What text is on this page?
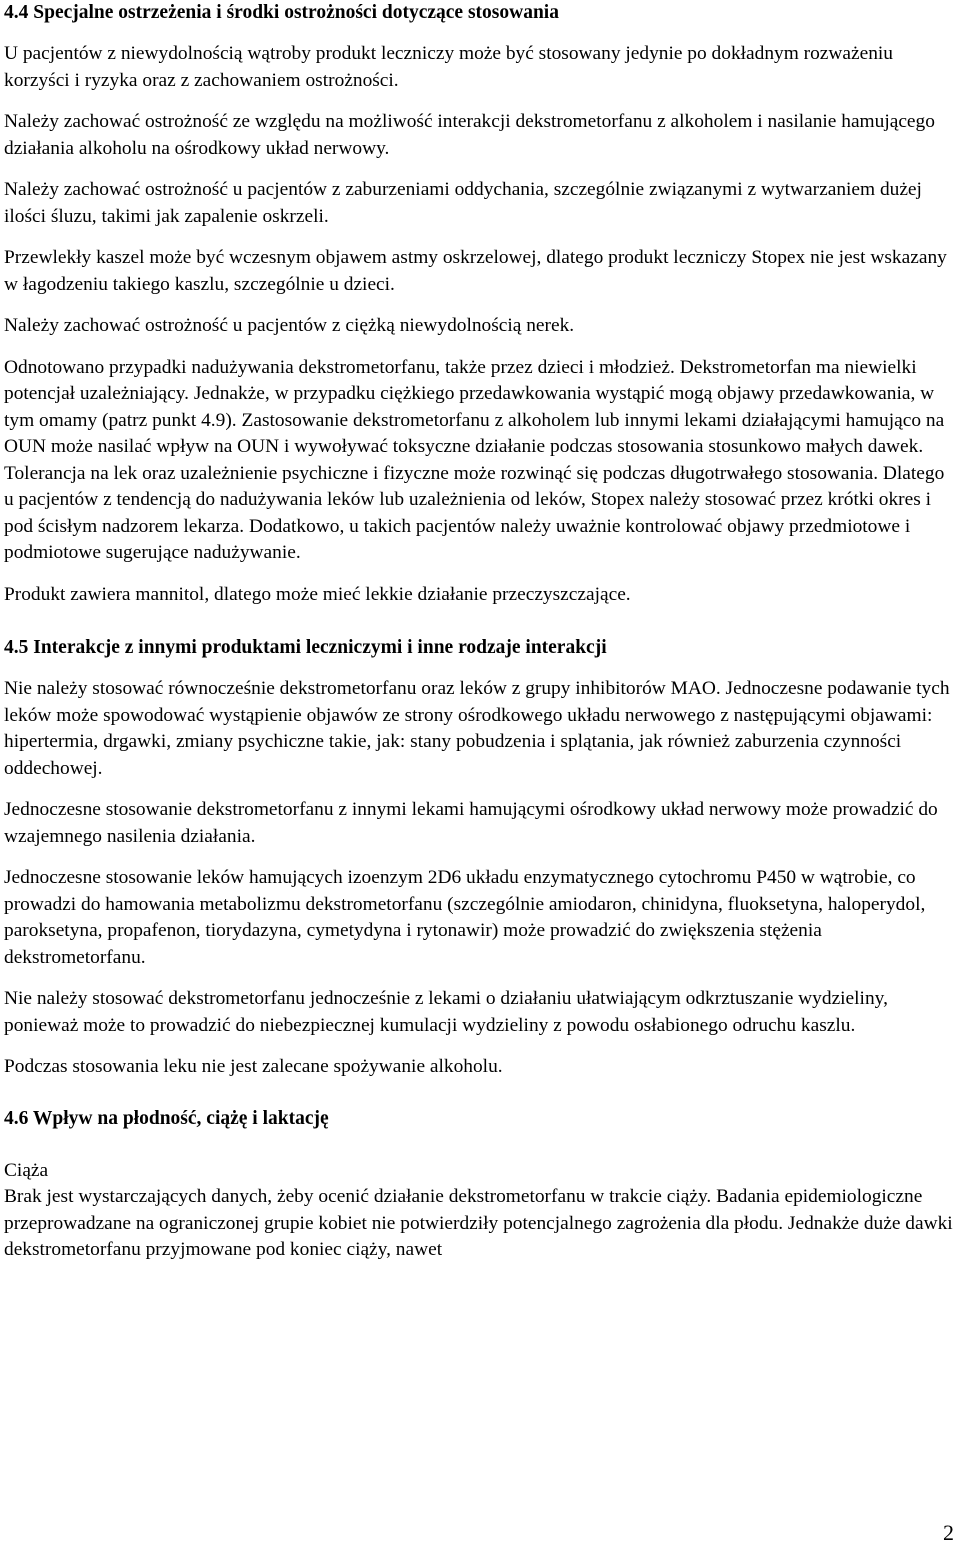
4.4 Specjalne ostrzeżenia i środki ostrożności dotyczące stosowania

U pacjentów z niewydolnością wątroby produkt leczniczy może być stosowany jedynie po dokładnym rozważeniu korzyści i ryzyka oraz z zachowaniem ostrożności.

Należy zachować ostrożność ze względu na możliwość interakcji dekstrometorfanu z alkoholem i nasilanie hamującego działania alkoholu na ośrodkowy układ nerwowy.

Należy zachować ostrożność u pacjentów z zaburzeniami oddychania, szczególnie związanymi z wytwarzaniem dużej ilości śluzu, takimi jak zapalenie oskrzeli.

Przewlekły kaszel może być wczesnym objawem astmy oskrzelowej, dlatego produkt leczniczy Stopex nie jest wskazany w łagodzeniu takiego kaszlu, szczególnie u dzieci.

Należy zachować ostrożność u pacjentów z ciężką niewydolnością nerek.

Odnotowano przypadki nadużywania dekstrometorfanu, także przez dzieci i młodzież. Dekstrometorfan ma niewielki potencjał uzależniający. Jednakże, w przypadku ciężkiego przedawkowania wystąpić mogą objawy przedawkowania, w tym omamy (patrz punkt 4.9). Zastosowanie dekstrometorfanu z alkoholem lub innymi lekami działającymi hamująco na OUN może nasilać wpływ na OUN i wywoływać toksyczne działanie podczas stosowania stosunkowo małych dawek. Tolerancja na lek oraz uzależnienie psychiczne i fizyczne może rozwinąć się podczas długotrwałego stosowania. Dlatego u pacjentów z tendencją do nadużywania leków lub uzależnienia od leków, Stopex należy stosować przez krótki okres i pod ścisłym nadzorem lekarza. Dodatkowo, u takich pacjentów należy uważnie kontrolować objawy przedmiotowe i podmiotowe sugerujące nadużywanie.

Produkt zawiera mannitol, dlatego może mieć lekkie działanie przeczyszczające.

4.5 Interakcje z innymi produktami leczniczymi i inne rodzaje interakcji

Nie należy stosować równocześnie dekstrometorfanu oraz leków z grupy inhibitorów MAO. Jednoczesne podawanie tych leków może spowodować wystąpienie objawów ze strony ośrodkowego układu nerwowego z następującymi objawami: hipertermia, drgawki, zmiany psychiczne takie, jak: stany pobudzenia i splątania, jak również zaburzenia czynności oddechowej.

Jednoczesne stosowanie dekstrometorfanu z innymi lekami hamującymi ośrodkowy układ nerwowy może prowadzić do wzajemnego nasilenia działania.

Jednoczesne stosowanie leków hamujących izoenzym 2D6 układu enzymatycznego cytochromu P450 w wątrobie, co prowadzi do hamowania metabolizmu dekstrometorfanu (szczególnie amiodaron, chinidyna, fluoksetyna, haloperydol, paroksetyna, propafenon, tiorydazyna, cymetydyna i rytonawir) może prowadzić do zwiększenia stężenia dekstrometorfanu.

Nie należy stosować dekstrometorfanu jednocześnie z lekami o działaniu ułatwiającym odkrztuszanie wydzieliny, ponieważ może to prowadzić do niebezpiecznej kumulacji wydzieliny z powodu osłabionego odruchu kaszlu.

Podczas stosowania leku nie jest zalecane spożywanie alkoholu.

4.6 Wpływ na płodność, ciążę i laktację

Ciąża

Brak jest wystarczających danych, żeby ocenić działanie dekstrometorfanu w trakcie ciąży. Badania epidemiologiczne przeprowadzane na ograniczonej grupie kobiet nie potwierdziły potencjalnego zagrożenia dla płodu. Jednakże duże dawki dekstrometorfanu przyjmowane pod koniec ciąży, nawet

2
